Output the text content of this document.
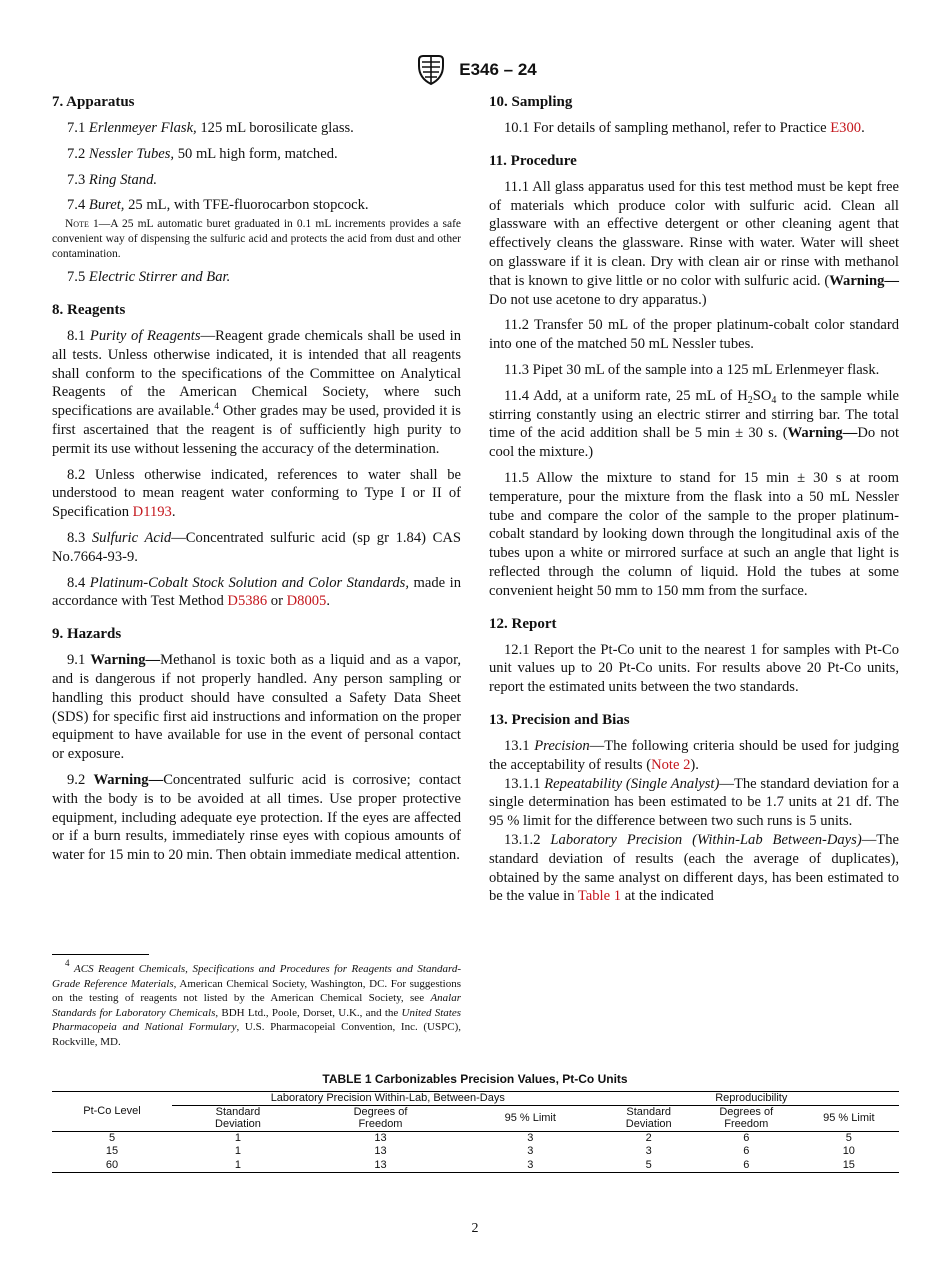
E346 – 24
7. Apparatus

7.1 Erlenmeyer Flask, 125 mL borosilicate glass.

7.2 Nessler Tubes, 50 mL high form, matched.

7.3 Ring Stand.

7.4 Buret, 25 mL, with TFE-fluorocarbon stopcock.

Note 1—A 25 mL automatic buret graduated in 0.1 mL increments provides a safe convenient way of dispensing the sulfuric acid and protects the acid from dust and other contamination.

7.5 Electric Stirrer and Bar.

8. Reagents

8.1 Purity of Reagents—Reagent grade chemicals shall be used in all tests. Unless otherwise indicated, it is intended that all reagents shall conform to the specifications of the Committee on Analytical Reagents of the American Chemical Society, where such specifications are available.$^4$ Other grades may be used, provided it is first ascertained that the reagent is of sufficiently high purity to permit its use without lessening the accuracy of the determination.

8.2 Unless otherwise indicated, references to water shall be understood to mean reagent water conforming to Type I or II of Specification D1193.

8.3 Sulfuric Acid—Concentrated sulfuric acid (sp gr 1.84) CAS No.7664-93-9.

8.4 Platinum-Cobalt Stock Solution and Color Standards, made in accordance with Test Method D5386 or D8005.

9. Hazards

9.1 Warning—Methanol is toxic both as a liquid and as a vapor, and is dangerous if not properly handled. Any person sampling or handling this product should have consulted a Safety Data Sheet (SDS) for specific first aid instructions and information on the proper equipment to have available for use in the event of personal contact or exposure.

9.2 Warning—Concentrated sulfuric acid is corrosive; contact with the body is to be avoided at all times. Use proper protective equipment, including adequate eye protection. If the eyes are affected or if a burn results, immediately rinse eyes with copious amounts of water for 15 min to 20 min. Then obtain immediate medical attention.

$^4$ ACS Reagent Chemicals, Specifications and Procedures for Reagents and Standard-Grade Reference Materials, American Chemical Society, Washington, DC. For suggestions on the testing of reagents not listed by the American Chemical Society, see Analar Standards for Laboratory Chemicals, BDH Ltd., Poole, Dorset, U.K., and the United States Pharmacopeia and National Formulary, U.S. Pharmacopeial Convention, Inc. (USPC), Rockville, MD.

10. Sampling

10.1 For details of sampling methanol, refer to Practice E300.

11. Procedure

11.1 All glass apparatus used for this test method must be kept free of materials which produce color with sulfuric acid. Clean all glassware with an effective detergent or other cleaning agent that effectively cleans the glassware. Rinse with water. Water will sheet on glassware if it is clean. Dry with clean air or rinse with methanol that is known to give little or no color with sulfuric acid. (Warning—Do not use acetone to dry apparatus.)

11.2 Transfer 50 mL of the proper platinum-cobalt color standard into one of the matched 50 mL Nessler tubes.

11.3 Pipet 30 mL of the sample into a 125 mL Erlenmeyer flask.

11.4 Add, at a uniform rate, 25 mL of $H_2SO_4$ to the sample while stirring constantly using an electric stirrer and stirring bar. The total time of the acid addition shall be 5 min ± 30 s. (Warning—Do not cool the mixture.)

11.5 Allow the mixture to stand for 15 min ± 30 s at room temperature, pour the mixture from the flask into a 50 mL Nessler tube and compare the color of the sample to the proper platinum-cobalt standard by looking down through the longitudinal axis of the tubes upon a white or mirrored surface at such an angle that light is reflected through the column of liquid. Hold the tubes at some convenient height 50 mm to 150 mm from the surface.

12. Report

12.1 Report the Pt-Co unit to the nearest 1 for samples with Pt-Co unit values up to 20 Pt-Co units. For results above 20 Pt-Co units, report the estimated units between the two standards.

13. Precision and Bias

13.1 Precision—The following criteria should be used for judging the acceptability of results (Note 2).

13.1.1 Repeatability (Single Analyst)—The standard deviation for a single determination has been estimated to be 1.7 units at 21 df. The 95 % limit for the difference between two such runs is 5 units.

13.1.2 Laboratory Precision (Within-Lab Between-Days)—The standard deviation of results (each the average of duplicates), obtained by the same analyst on different days, has been estimated to be the value in Table 1 at the indicated

TABLE 1 Carbonizables Precision Values, Pt-Co Units
Pt-Co Level	Laboratory Precision Within-Lab, Between-Days			Reproducibility		
	Standard	Degrees of	95 % Limit	Standard	Degrees of	95 % Limit
	Deviation	Freedom		Deviation	Freedom	
5	1	13	3	2	6	5
15	1	13	3	3	6	10
60	1	13	3	5	6	15
2
